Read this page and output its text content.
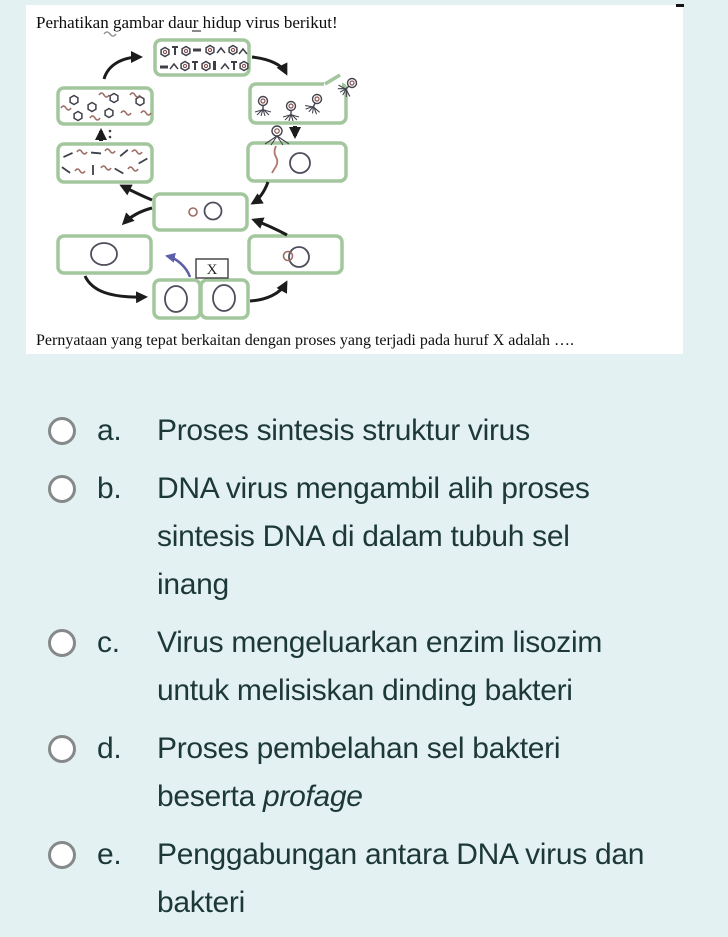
Perhatikan gambar daur hidup virus berikut!
X
Pernyataan yang tepat berkaitan dengan proses yang terjadi pada huruf X adalah ….
a.	Proses sintesis struktur virus
b.	DNA virus mengambil alih proses
sintesis DNA di dalam tubuh sel
inang
c.	Virus mengeluarkan enzim lisozim
untuk melisiskan dinding bakteri
d.	Proses pembelahan sel bakteri
beserta profage
e.	Penggabungan antara DNA virus dan
bakteri
